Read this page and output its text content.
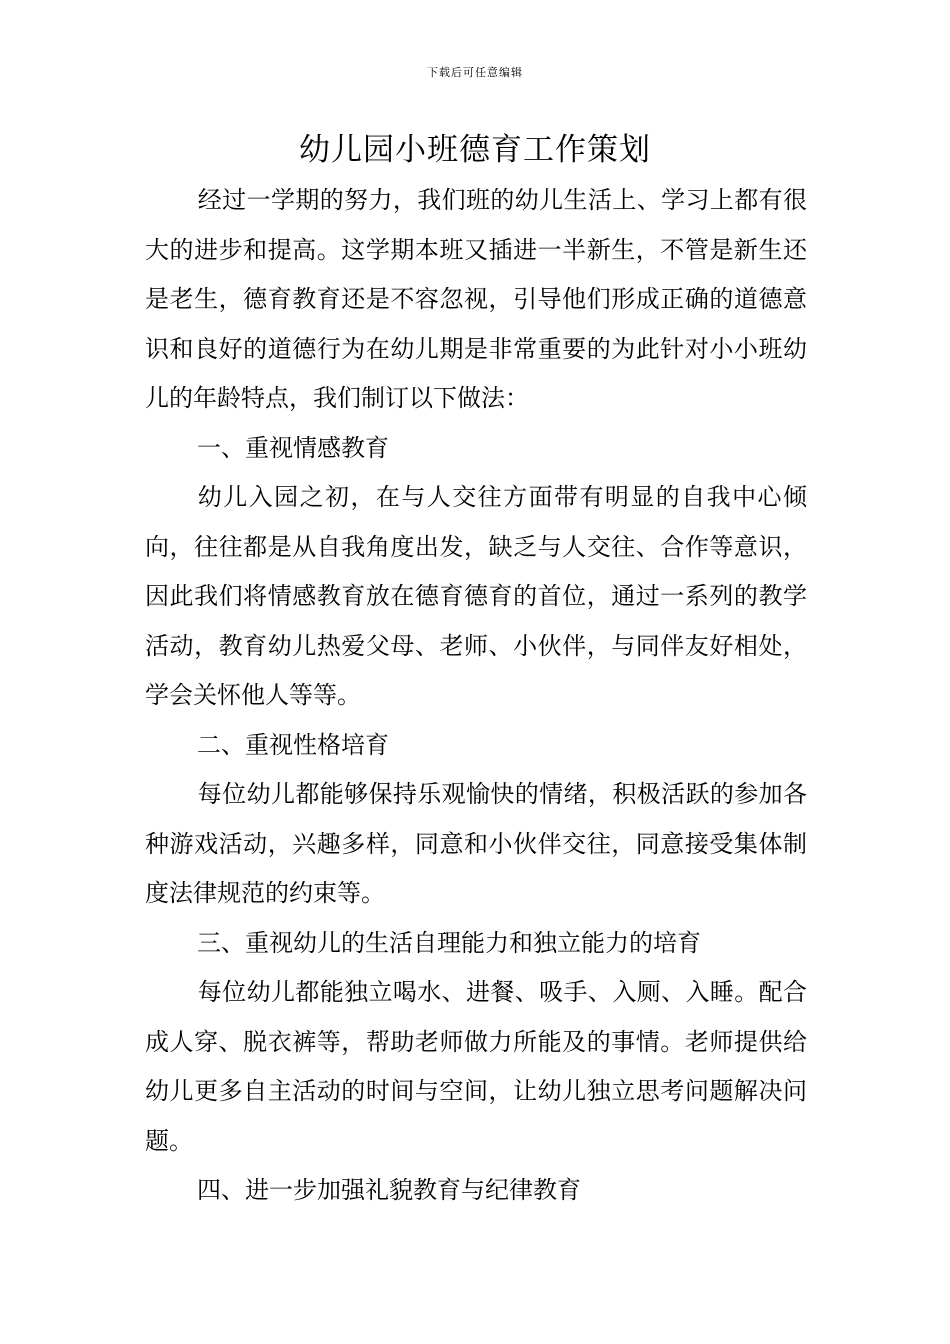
下载后可任意编辑
幼儿园小班德育工作策划

经过一学期的努力，我们班的幼儿生活上、学习上都有很大的进步和提高。这学期本班又插进一半新生，不管是新生还是老生，德育教育还是不容忽视，引导他们形成正确的道德意识和良好的道德行为在幼儿期是非常重要的为此针对小小班幼儿的年龄特点，我们制订以下做法：

一、重视情感教育

幼儿入园之初，在与人交往方面带有明显的自我中心倾向，往往都是从自我角度出发，缺乏与人交往、合作等意识，因此我们将情感教育放在德育德育的首位，通过一系列的教学活动，教育幼儿热爱父母、老师、小伙伴，与同伴友好相处，学会关怀他人等等。

二、重视性格培育

每位幼儿都能够保持乐观愉快的情绪，积极活跃的参加各种游戏活动，兴趣多样，同意和小伙伴交往，同意接受集体制度法律规范的约束等。

三、重视幼儿的生活自理能力和独立能力的培育

每位幼儿都能独立喝水、进餐、吸手、入厕、入睡。配合成人穿、脱衣裤等，帮助老师做力所能及的事情。老师提供给幼儿更多自主活动的时间与空间，让幼儿独立思考问题解决问题。

四、进一步加强礼貌教育与纪律教育
